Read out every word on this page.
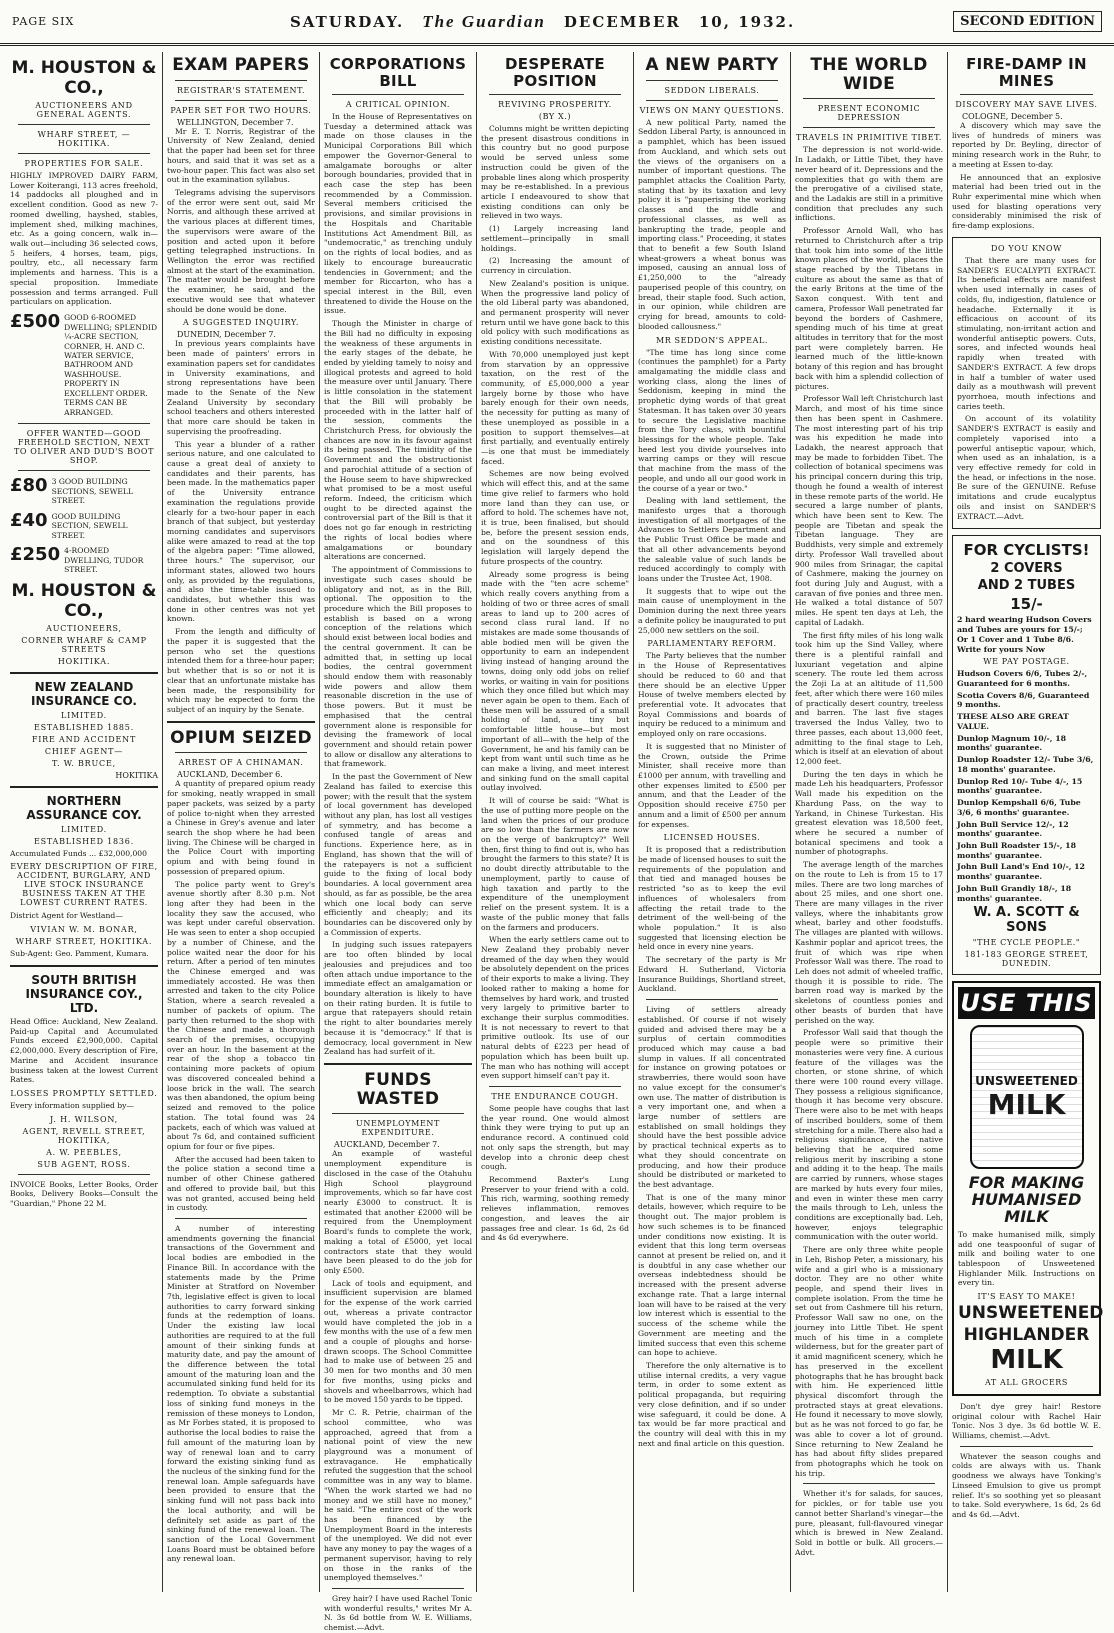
PAGE SIX	SATURDAY. The Guardian DECEMBER 10, 1932.	SECOND EDITION
M. HOUSTON & CO.,
AUCTIONEERS AND GENERAL AGENTS.
WHARF STREET, — HOKITIKA.
PROPERTIES FOR SALE.
HIGHLY IMPROVED DAIRY FARM, Lower Koiterangi, 113 acres freehold, 14 paddocks all ploughed and in excellent condition. Good as new 7-roomed dwelling, hayshed, stables, implement shed, milking machines, etc. As a going concern, walk in—walk out—including 36 selected cows, 5 heifers, 4 horses, team, pigs, poultry, etc., all necessary farm implements and harness. This is a special proposition. Immediate possession and terms arranged. Full particulars on application.
£500 GOOD 6-ROOMED DWELLING; SPLENDID ¼-ACRE SECTION, CORNER, H. AND C. WATER SERVICE, BATHROOM AND WASHHOUSE. PROPERTY IN EXCELLENT ORDER. TERMS CAN BE ARRANGED.
OFFER WANTED—GOOD FREEHOLD SECTION, NEXT TO OLIVER AND DUD'S BOOT SHOP.
£80 3 GOOD BUILDING SECTIONS, SEWELL STREET.
£40 GOOD BUILDING SECTION, SEWELL STREET.
£250 4-ROOMED DWELLING, TUDOR STREET.
M. HOUSTON & CO.,
AUCTIONEERS,
CORNER WHARF & CAMP STREETS
HOKITIKA.
NEW ZEALAND INSURANCE CO.
LIMITED.
ESTABLISHED 1885.
FIRE AND ACCIDENT
CHIEF AGENT—
T. W. BRUCE,
HOKITIKA
NORTHERN ASSURANCE COY.
LIMITED.
ESTABLISHED 1836.
Accumulated Funds ... £32,000,000
EVERY DESCRIPTION OF FIRE, ACCIDENT, BURGLARY, AND LIVE STOCK INSURANCE BUSINESS TAKEN AT THE LOWEST CURRENT RATES.
District Agent for Westland—
VIVIAN W. M. BONAR,
WHARF STREET, HOKITIKA.
Sub-Agent: Geo. Pamment, Kumara.
SOUTH BRITISH INSURANCE COY., LTD.
Head Office: Auckland, New Zealand. Paid-up Capital and Accumulated Funds exceed £2,900,000. Capital £2,000,000. Every description of Fire, Marine and Accident insurance business taken at the lowest Current Rates.
LOSSES PROMPTLY SETTLED.
Every information supplied by—
J. H. WILSON,
AGENT, REVELL STREET, HOKITIKA,
A. W. PEEBLES,
SUB AGENT, ROSS.
INVOICE Books, Letter Books, Order Books, Delivery Books—Consult the "Guardian," Phone 22 M.
EXAM PAPERS
REGISTRAR'S STATEMENT.
PAPER SET FOR TWO HOURS.
WELLINGTON, December 7.

Mr E. T. Norris, Registrar of the University of New Zealand, denied that the paper had been set for three hours, and said that it was set as a two-hour paper. This fact was also set out in the examination syllabus.

Telegrams advising the supervisors of the error were sent out, said Mr Norris, and although these arrived at the various places at different times, the supervisors were aware of the position and acted upon it before getting telegraphed instructions. In Wellington the error was rectified almost at the start of the examination. The matter would be brought before the examiner, he said, and the executive would see that whatever should be done would be done.

A SUGGESTED INQUIRY.
DUNEDIN, December 7.

In previous years complaints have been made of painters' errors in examination papers set for candidates in University examinations, and strong representations have been made to the Senate of the New Zealand University by secondary school teachers and others interested that more care should be taken in supervising the proofreading.

This year a blunder of a rather serious nature, and one calculated to cause a great deal of anxiety to candidates and their parents, has been made. In the mathematics paper of the University entrance examination the regulations provide clearly for a two-hour paper in each branch of that subject, but yesterday morning candidates and supervisors alike were amazed to read at the top of the algebra paper: "Time allowed, three hours." The supervisor, our informant states, allowed two hours only, as provided by the regulations, and also the time-table issued to candidates, but whether this was done in other centres was not yet known.

From the length and difficulty of the paper it is suggested that the person who set the questions intended them for a three-hour paper; but whether that is so or not it is clear that an unfortunate mistake has been made, the responsibility for which may be expected to form the subject of an inquiry by the Senate.

OPIUM SEIZED
ARREST OF A CHINAMAN.
AUCKLAND, December 6.

A quantity of prepared opium ready for smoking, neatly wrapped in small paper packets, was seized by a party of police to-night when they arrested a Chinese in Grey's avenue and later search the shop where he had been living. The Chinese will be charged in the Police Court with importing opium and with being found in possession of prepared opium.

The police party went to Grey's avenue shortly after 8.30 p.m. Not long after they had been in the locality they saw the accused, who was kept under careful observation. He was seen to enter a shop occupied by a number of Chinese, and the police waited near the door for his return. After a period of ten minutes the Chinese emerged and was immediately accosted. He was then arrested and taken to the city Police Station, where a search revealed a number of packets of opium. The party then returned to the shop with the Chinese and made a thorough search of the premises, occupying over an hour. In the basement at the rear of the shop a tobacco tin containing more packets of opium was discovered concealed behind a loose brick in the wall. The search was then abandoned, the opium being seized and removed to the police station. The total found was 24 packets, each of which was valued at about 7s 6d, and contained sufficient opium for four or five pipes.

After the accused had been taken to the police station a second time a number of other Chinese gathered and offered to provide bail, but this was not granted, accused being held in custody.

A number of interesting amendments governing the financial transactions of the Government and local bodies are embodied in the Finance Bill. In accordance with the statements made by the Prime Minister at Stratford on November 7th, legislative effect is given to local authorities to carry forward sinking funds at the redemption of loans. Under the existing law local authorities are required to at the full amount of their sinking funds at maturity date, and pay the amount of the difference between the total amount of the maturing loan and the accumulated sinking fund held for its redemption. To obviate a substantial loss of sinking fund moneys in the remission of these moneys to London, as Mr Forbes stated, it is proposed to authorise the local bodies to raise the full amount of the maturing loan by way of renewal loan and to carry forward the existing sinking fund as the nucleus of the sinking fund for the renewal loan. Ample safeguards have been provided to ensure that the sinking fund will not pass back into the local authority, and will be definitely set aside as part of the sinking fund of the renewal loan. The sanction of the Local Government Loans Board must be obtained before any renewal loan.

CORPORATIONS BILL
A CRITICAL OPINION.

In the House of Representatives on Tuesday a determined attack was made on those clauses in the Municipal Corporations Bill which empower the Governor-General to amalgamate boroughs or alter borough boundaries, provided that in each case the step has been recommended by a Commission. Several members criticised the provisions, and similar provisions in the Hospitals and Charitable Institutions Act Amendment Bill, as "undemocratic," as trenching unduly on the rights of local bodies, and as likely to encourage bureaucratic tendencies in Government; and the member for Riccarton, who has a special interest in the Bill, even threatened to divide the House on the issue.

Though the Minister in charge of the Bill had no difficulty in exposing the weakness of these arguments in the early stages of the debate, he ended by yielding tamely to noisy and illogical protests and agreed to hold the measure over until January. There is little consolation in the statement that the Bill will probably be proceeded with in the latter half of the session, comments the Christchurch Press, for obviously the chances are now in its favour against its being passed. The timidity of the Government and the obstructionist and parochial attitude of a section of the House seem to have shipwrecked what promised to be a most useful reform. Indeed, the criticism which ought to be directed against the controversial part of the Bill is that it does not go far enough in restricting the rights of local bodies where amalgamations or boundary alterations are concerned.

The appointment of Commissions to investigate such cases should be obligatory and not, as in the Bill, optional. The opposition to the procedure which the Bill proposes to establish is based on a wrong conception of the relations which should exist between local bodies and the central government. It can be admitted that, in setting up local bodies, the central government should endow them with reasonably wide powers and allow them reasonable discretion in the use of those powers. But it must be emphasised that the central government alone is responsible for devising the framework of local government and should retain power to allow or disallow any alterations to that framework.

In the past the Government of New Zealand has failed to exercise this power; with the result that the system of local government has developed without any plan, has lost all vestiges of symmetry, and has become a confused tangle of areas and functions. Experience here, as in England, has shown that the will of the ratepayers is not a sufficient guide to the fixing of local body boundaries. A local government area should, as far as possible, be the area which one local body can serve efficiently and cheaply; and its boundaries can be discovered only by a Commission of experts.

In judging such issues ratepayers are too often blinded by local jealousies and prejudices and too often attach undue importance to the immediate effect an amalgamation or boundary alteration is likely to have on their rating burden. It is futile to argue that ratepayers should retain the right to alter boundaries merely because it is "democracy." If that is democracy, local government in New Zealand has had surfeit of it.

FUNDS WASTED
UNEMPLOYMENT EXPENDITURE.
AUCKLAND, December 7.

An example of wasteful unemployment expenditure is disclosed in the case of the Otahuhu High School playground improvements, which so far have cost nearly £3000 to construct. It is estimated that another £2000 will be required from the Unemployment Board's funds to complete the work, making a total of £5000, yet local contractors state that they would have been pleased to do the job for only £500.

Lack of tools and equipment, and insufficient supervision are blamed for the expense of the work carried out, whereas a private contractor would have completed the job in a few months with the use of a few men and a couple of ploughs and horse-drawn scoops. The School Committee had to make use of between 25 and 30 men for two months and 30 men for five months, using picks and shovels and wheelbarrows, which had to be moved 150 yards to be tipped.

Mr C. R. Petrie, chairman of the school committee, who was approached, agreed that from a national point of view the new playground was a monument of extravagance. He emphatically refuted the suggestion that the school committee was in any way to blame. "When the work started we had no money and we still have no money," he said. "The entire cost of the work has been financed by the Unemployment Board in the interests of the unemployed. We did not ever have any money to pay the wages of a permanent supervisor, having to rely on those in the ranks of the unemployed themselves."

Grey hair? I have used Rachel Tonic with wonderful results," writes Mr A. N. 3s 6d bottle from W. E. Williams, chemist.—Advt.

DESPERATE POSITION
REVIVING PROSPERITY.
(BY X.)

Columns might be written depicting the present disastrous conditions in this country but no good purpose would be served unless some instruction could be given of the probable lines along which prosperity may be re-established. In a previous article I endeavoured to show that existing conditions can only be relieved in two ways.

(1) Largely increasing land settlement—principally in small holdings.

(2) Increasing the amount of currency in circulation.

New Zealand's position is unique. When the progressive land policy of the old Liberal party was abandoned, and permanent prosperity will never return until we have gone back to this old policy with such modifications as existing conditions necessitate.

With 70,000 unemployed just kept from starvation by an oppressive taxation, on the rest of the community, of £5,000,000 a year largely borne by those who have barely enough for their own needs, the necessity for putting as many of these unemployed as possible in a position to support themselves—at first partially, and eventually entirely—is one that must be immediately faced.

Schemes are now being evolved which will effect this, and at the same time give relief to farmers who hold more land than they can use, or afford to hold. The schemes have not, it is true, been finalised, but should be, before the present session ends, and on the soundness of this legislation will largely depend the future prospects of the country.

Already some progress is being made with the "ten acre scheme" which really covers anything from a holding of two or three acres of small areas to land up to 200 acres of second class rural land. If no mistakes are made some thousands of able bodied men will be given the opportunity to earn an independent living instead of hanging around the towns, doing only odd jobs on relief works, or waiting in vain for positions which they once filled but which may never again be open to them. Each of these men will be assured of a small holding of land, a tiny but comfortable little house—but most important of all—with the help of the Government, he and his family can be kept from want until such time as he can make a living, and meet interest and sinking fund on the small capital outlay involved.

It will of course be said: "What is the use of putting more people on the land when the prices of our produce are so low than the farmers are now on the verge of bankruptcy?" Well then, first thing to find out is, who has brought the farmers to this state? It is no doubt directly attributable to the unemployment, partly to cause of high taxation and partly to the expenditure of the unemployment relief on the present system. It is a waste of the public money that falls on the farmers and producers.

When the early settlers came out to New Zealand they probably never dreamed of the day when they would be absolutely dependent on the prices of their exports to make a living. They looked rather to making a home for themselves by hard work, and trusted very largely to primitive barter to exchange their surplus commodities. It is not necessary to revert to that primitive outlook. Its use of our natural debts of £223 per head of population which has been built up. The man who has nothing will accept even support himself can't pay it.

THE ENDURANCE COUGH.

Some people have coughs that last the year round. One would almost think they were trying to put up an endurance record. A continued cold not only saps the strength, but may develop into a chronic deep chest cough.

Recommend Baxter's Lung Preserver to your friend with a cold. This rich, warming, soothing remedy relieves inflammation, removes congestion, and leaves the air passages free and clear. 1s 6d, 2s 6d and 4s 6d everywhere.

A NEW PARTY
SEDDON LIBERALS.
VIEWS ON MANY QUESTIONS.

A new political Party, named the Seddon Liberal Party, is announced in a pamphlet, which has been issued from Auckland, and which sets out the views of the organisers on a number of important questions. The pamphlet attacks the Coalition Party, stating that by its taxation and levy policy it is "pauperising the working classes and the middle and professional classes, as well as bankrupting the trade, people and importing class." Proceeding, it states that to benefit a few South Island wheat-growers a wheat bonus was imposed, causing an annual loss of £1,250,000 to the "already pauperised people of this country, on bread, their staple food. Such action, in our opinion, while children are crying for bread, amounts to cold-blooded callousness."

MR SEDDON'S APPEAL.

"The time has long since come (continues the pamphlet) for a Party amalgamating the middle class and working class, along the lines of Seddonism, keeping in mind the prophetic dying words of that great Statesman. It has taken over 30 years to secure the Legislative machine from the Tory class, with bountiful blessings for the whole people. Take heed lest you divide yourselves into warring camps or they will rescue that machine from the mass of the people, and undo all our good work in the course of a year or two."

Dealing with land settlement, the manifesto urges that a thorough investigation of all mortgages of the Advances to Settlers Department and the Public Trust Office be made and that all other advancements beyond the saleable value of such lands be reduced accordingly to comply with loans under the Trustee Act, 1908.

It suggests that to wipe out the main cause of unemployment in the Dominion during the next three years a definite policy be inaugurated to put 25,000 new settlers on the soil.

PARLIAMENTARY REFORM.

The Party believes that the number in the House of Representatives should be reduced to 60 and that there should be an elective Upper House of twelve members elected by preferential vote. It advocates that Royal Commissions and boards of inquiry be reduced to a minimum and employed only on rare occasions.

It is suggested that no Minister of the Crown, outside the Prime Minister, shall receive more than £1000 per annum, with travelling and other expenses limited to £500 per annum, and that the Leader of the Opposition should receive £750 per annum and a limit of £500 per annum for expenses.

LICENSED HOUSES.

It is proposed that a redistribution be made of licensed houses to suit the requirements of the population and that tied and managed houses be restricted "so as to keep the evil influences of wholesalers from affecting the retail trade to the detriment of the well-being of the whole population." It is also suggested that licensing election be held once in every nine years.

The secretary of the party is Mr Edward H. Sutherland, Victoria Insurance Buildings, Shortland street, Auckland.

Living of settlers already established. Of course if not wisely guided and advised there may be a surplus of certain commodities produced which may cause a bad slump in values. If all concentrated for instance on growing potatoes or strawberries, there would soon have no value except for the consumer's own use. The matter of distribution is a very important one, and when a large number of settlers are established on small holdings they should have the best possible advice by practical technical experts as to what they should concentrate on producing, and how their produce should be distributed or marketed to the best advantage.

That is one of the many minor details, however, which require to be thought out. The major problem is how such schemes is to be financed under conditions now existing. It is evident that this long term overseas cannot at present be relied on, and it is doubtful in any case whether our overseas indebtedness should be increased with the present adverse exchange rate. That a large internal loan will have to be raised at the very low interest which is essential to the success of the scheme while the Government are meeting and the limited success that even this scheme can hope to achieve.

Therefore the only alternative is to utilise internal credits, a very vague term, in order to some extent as political propaganda, but requiring very close definition, and if so under wise safeguard, it could be done. A tax would be far more practical and the country will deal with this in my next and final article on this question.

THE WORLD WIDE
PRESENT ECONOMIC DEPRESSION
TRAVELS IN PRIMITIVE TIBET.

The depression is not world-wide. In Ladakh, or Little Tibet, they have never heard of it. Depressions and the complexities that go with them are the prerogative of a civilised state, and the Ladakis are still in a primitive condition that precludes any such inflictions.

Professor Arnold Wall, who has returned to Christchurch after a trip that took him into some of the little known places of the world, places the stage reached by the Tibetans in culture as about the same as that of the early Britons at the time of the Saxon conquest. With tent and camera, Professor Wall penetrated far beyond the borders of Cashmere, spending much of his time at great altitudes in territory that for the most part were completely barren. He learned much of the little-known botany of this region and has brought back with him a splendid collection of pictures.

Professor Wall left Christchurch last March, and most of his time since then has been spent in Cashmere. The most interesting part of his trip was his expedition he made into Ladakh, the nearest approach that may be made to forbidden Tibet. The collection of botanical specimens was his principal concern during this trip, though he found a wealth of interest in these remote parts of the world. He secured a large number of plants, which have been sent to Kew. The people are Tibetan and speak the Tibetan language. They are Buddhists, very simple and extremely dirty. Professor Wall travelled about 900 miles from Srinagar, the capital of Cashmere, making the journey on foot during July and August, with a caravan of five ponies and three men. He walked a total distance of 507 miles. He spent ten days at Leh, the capital of Ladakh.

The first fifty miles of his long walk took him up the Sind Valley, where there is a plentiful rainfall and luxuriant vegetation and alpine scenery. The route led them across the Zoji La at an altitude of 11,500 feet, after which there were 160 miles of practically desert country, treeless and barren. The last five stages traversed the Indus Valley, two to three passes, each about 13,000 feet, admitting to the final stage to Leh, which is itself at an elevation of about 12,000 feet.

During the ten days in which he made Leh his headquarters, Professor Wall made his expedition on the Khardung Pass, on the way to Yarkand, in Chinese Turkestan. His greatest elevation was 18,500 feet, where he secured a number of botanical specimens and took a number of photographs.

The average length of the marches on the route to Leh is from 15 to 17 miles. There are two long marches of about 25 miles, and one short one. There are many villages in the river valleys, where the inhabitants grow wheat, barley and other foodstuffs. The villages are planted with willows. Kashmir poplar and apricot trees, the fruit of which was ripe when Professor Wall was there. The road to Leh does not admit of wheeled traffic, though it is possible to ride. The barren road way is marked by the skeletons of countless ponies and other beasts of burden that have perished on the way.

Professor Wall said that though the people were so primitive their monasteries were very fine. A curious feature of the villages was the chorten, or stone shrine, of which there were 100 round every village. They possess a religious significance, though it has become very obscure. There were also to be met with heaps of inscribed boulders, some of them stretching for a mile. There also had a religious significance, the native believing that he acquired some religious merit by inscribing a stone and adding it to the heap. The mails are carried by runners, whose stages are marked by huts every four miles, and even in winter these men carry the mails through to Leh, unless the conditions are exceptionally bad. Leh, however, enjoys telegraphic communication with the outer world.

There are only three white people in Leh, Bishop Peter, a missionary, his wife and a girl who is a missionary doctor. They are no other white people, and spend their lives in complete isolation. From the time he set out from Cashmere till his return, Professor Wall saw no one, on the journey into Little Tibet. He spent much of his time in a complete wilderness, but for the greater part of it amid magnificent scenery, which he has preserved in the excellent photographs that he has brought back with him. He experienced little physical discomfort through the protracted stays at great elevations. He found it necessary to move slowly, but as he was not forced to go far, he was able to cover a lot of ground. Since returning to New Zealand he has had about fifty slides prepared from photographs which he took on his trip.

Whether it's for salads, for sauces, for pickles, or for table use you cannot better Sharland's vinegar—the pure, pleasant, full-flavoured vinegar which is brewed in New Zealand. Sold in bottle or bulk. All grocers.—Advt.

FIRE-DAMP IN MINES
DISCOVERY MAY SAVE LIVES.
COLOGNE, December 5.

A discovery which may save the lives of hundreds of miners was reported by Dr. Beyling, director of mining research work in the Ruhr, to a meeting at Essen to-day.

He announced that an explosive material had been tried out in the Ruhr experimental mine which when used for blasting operations very considerably minimised the risk of fire-damp explosions.

DO YOU KNOW

That there are many uses for SANDER'S EUCALYPTI EXTRACT. Its beneficial effects are manifest when used internally in cases of colds, flu, indigestion, flatulence or headache. Externally it is efficacious on account of its stimulating, non-irritant action and wonderful antiseptic powers. Cuts, sores, and infected wounds heal rapidly when treated with SANDER'S EXTRACT. A few drops in half a tumbler of water used daily as a mouthwash will prevent pyorrhoea, mouth infections and caries teeth.

On account of its volatility SANDER'S EXTRACT is easily and completely vaporised into a powerful antiseptic vapour, which, when used as an inhalation, is a very effective remedy for cold in the head, or infections in the nose. Be sure of the GENUINE. Refuse imitations and crude eucalyptus oils and insist on SANDER'S EXTRACT.—Advt.

FOR CYCLISTS!
2 COVERS
AND 2 TUBES
15/-
2 hard wearing Hudson Covers and Tubes are yours for 15/-; Or 1 Cover and 1 Tube 8/6. Write for yours Now
WE PAY POSTAGE.
Hudson Covers 6/6, Tubes 2/-, Guaranteed for 6 months.
Scotia Covers 8/6, Guaranteed 9 months.
THESE ALSO ARE GREAT VALUE.
Dunlop Magnum 10/-, 18 months' guarantee.
Dunlop Roadster 12/- Tube 3/6, 18 months' guarantee.
Dunlop Red 10/- Tube 4/-, 15 months' guarantee.
Dunlop Kempshall 6/6, Tube 3/6, 6 months' guarantee.
John Bull Service 12/-, 12 months' guarantee.
John Bull Roadster 15/-, 18 months' guarantee.
John Bull Land's End 10/-, 12 months' guarantee.
John Bull Grandly 18/-, 18 months' guarantee.
W. A. SCOTT & SONS
"THE CYCLE PEOPLE."
181-183 GEORGE STREET, DUNEDIN.
USE THIS
UNSWEETENED
MILK
FOR MAKING HUMANISED MILK
To make humanised milk, simply add one teaspoonful of sugar of milk and boiling water to one tablespoon of Unsweetened Highlander Milk. Instructions on every tin.
IT'S EASY TO MAKE!
UNSWEETENED
HIGHLANDER
MILK
AT ALL GROCERS

Don't dye grey hair! Restore original colour with Rachel Hair Tonic. Nos 3 dye. 3s 6d bottle W. E. Williams, chemist.—Advt.

Whatever the season coughs and colds are always with us. Thank goodness we always have Tonking's Linseed Emulsion to give us prompt relief. It's so soothing yet so pleasant to take. Sold everywhere, 1s 6d, 2s 6d and 4s 6d.—Advt.
